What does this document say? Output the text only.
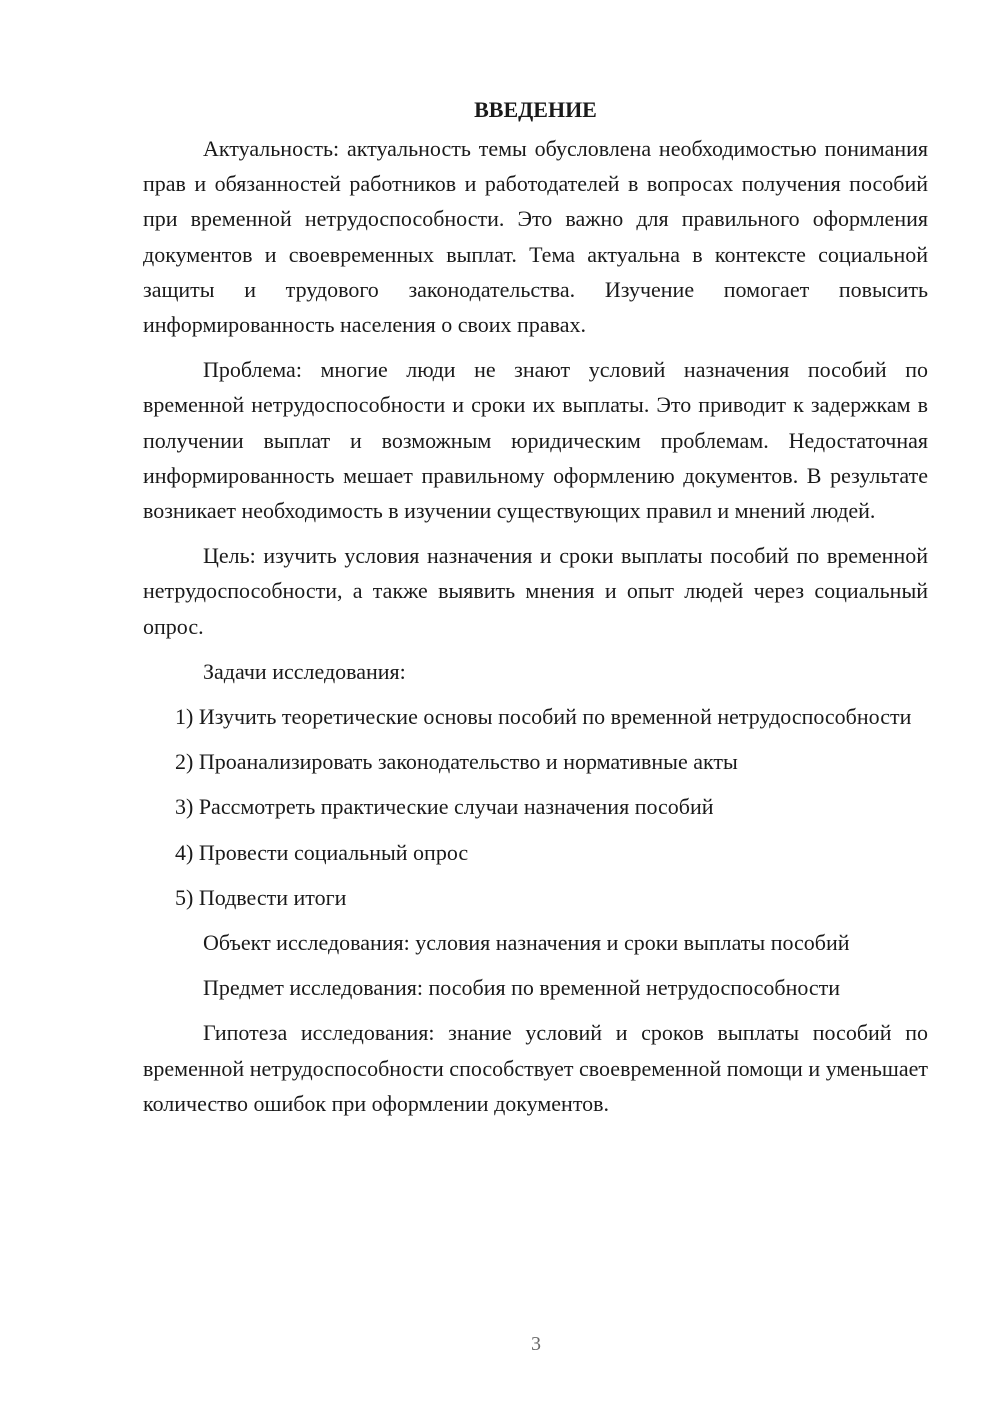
ВВЕДЕНИЕ

Актуальность: актуальность темы обусловлена необходимостью понимания прав и обязанностей работников и работодателей в вопросах получения пособий при временной нетрудоспособности. Это важно для правильного оформления документов и своевременных выплат. Тема актуальна в контексте социальной защиты и трудового законодательства. Изучение помогает повысить информированность населения о своих правах.

Проблема: многие люди не знают условий назначения пособий по временной нетрудоспособности и сроки их выплаты. Это приводит к задержкам в получении выплат и возможным юридическим проблемам. Недостаточная информированность мешает правильному оформлению документов. В результате возникает необходимость в изучении существующих правил и мнений людей.

Цель: изучить условия назначения и сроки выплаты пособий по временной нетрудоспособности, а также выявить мнения и опыт людей через социальный опрос.

Задачи исследования:

1) Изучить теоретические основы пособий по временной нетрудоспособности

2) Проанализировать законодательство и нормативные акты

3) Рассмотреть практические случаи назначения пособий

4) Провести социальный опрос

5) Подвести итоги

Объект исследования: условия назначения и сроки выплаты пособий

Предмет исследования: пособия по временной нетрудоспособности

Гипотеза исследования: знание условий и сроков выплаты пособий по временной нетрудоспособности способствует своевременной помощи и уменьшает количество ошибок при оформлении документов.

3
